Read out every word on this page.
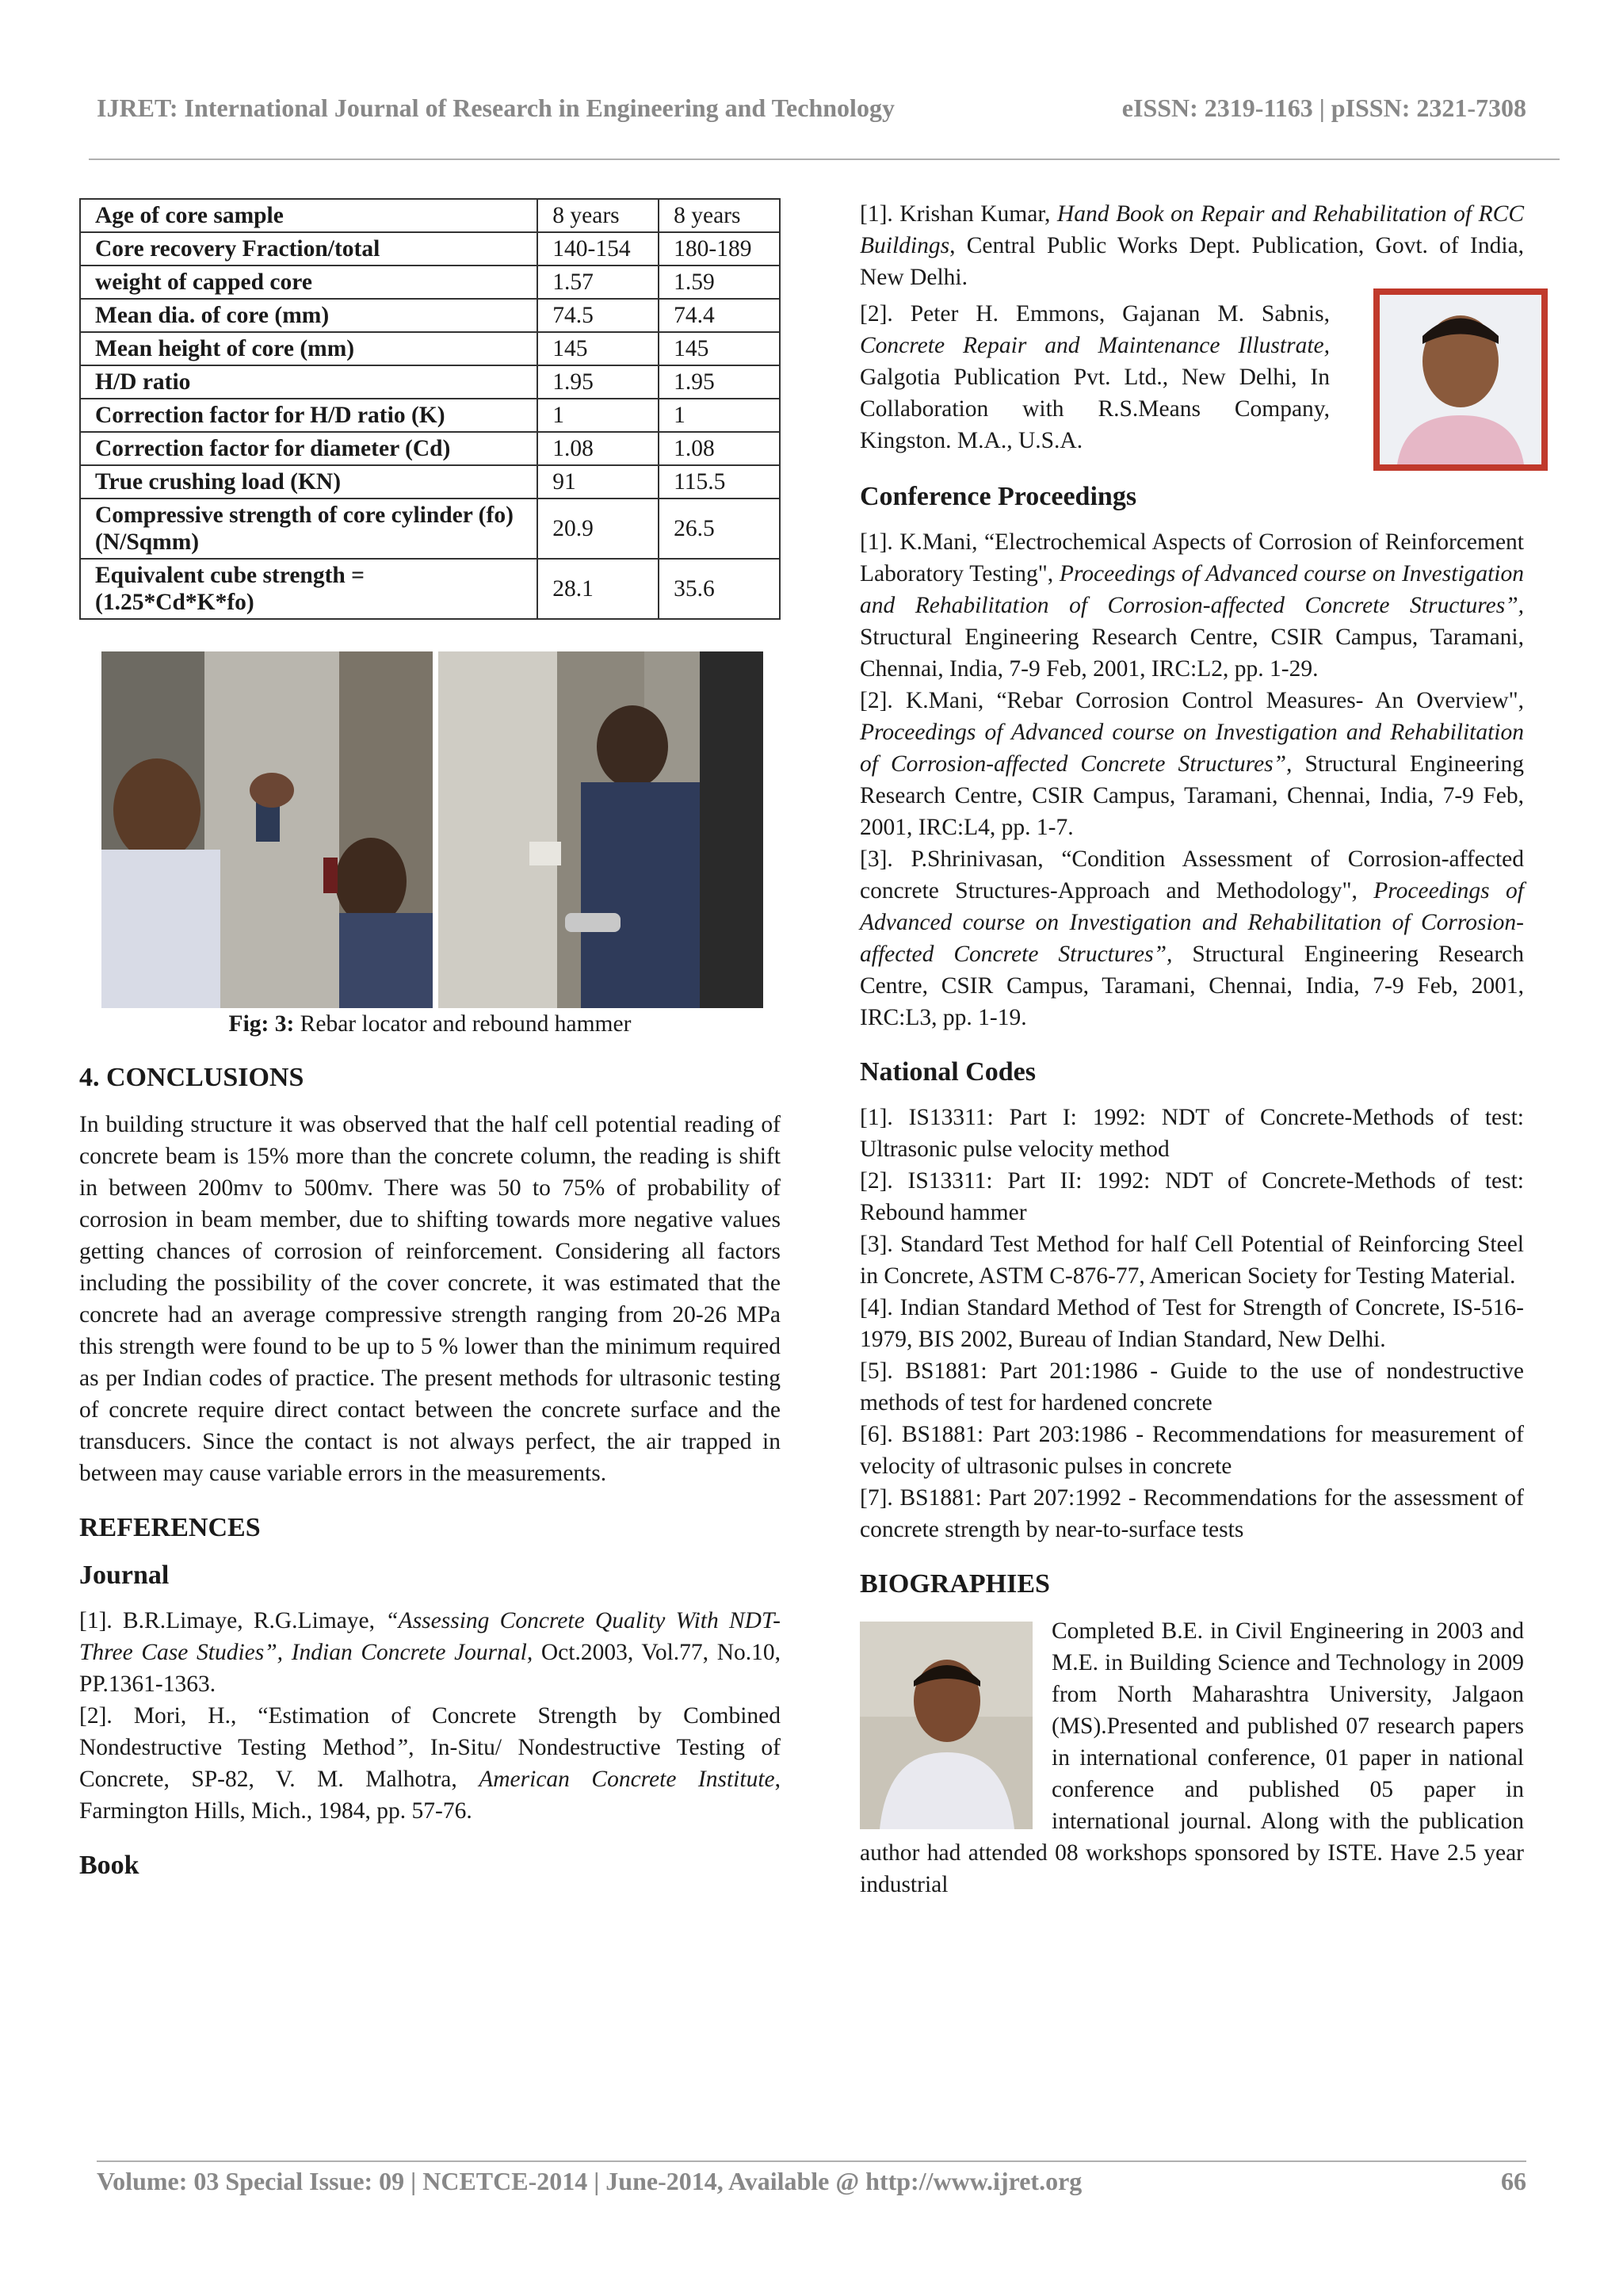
IJRET: International Journal of Research in Engineering and Technology	eISSN: 2319-1163 | pISSN: 2321-7308
Age of core sample	8 years	8 years
Core recovery Fraction/total	140-154	180-189
weight of capped core	1.57	1.59
Mean dia. of core (mm)	74.5	74.4
Mean height of core (mm)	145	145
H/D ratio	1.95	1.95
Correction factor for H/D ratio (K)	1	1
Correction factor for diameter (Cd)	1.08	1.08
True crushing load (KN)	91	115.5
Compressive strength of core cylinder (fo) (N/Sqmm)	20.9	26.5
Equivalent cube strength = (1.25*Cd*K*fo)	28.1	35.6
Fig: 3: Rebar locator and rebound hammer
4. CONCLUSIONS

In building structure it was observed that the half cell potential reading of concrete beam is 15% more than the concrete column, the reading is shift in between 200mv to 500mv. There was 50 to 75% of probability of corrosion in beam member, due to shifting towards more negative values getting chances of corrosion of reinforcement. Considering all factors including the possibility of the cover concrete, it was estimated that the concrete had an average compressive strength ranging from 20-26 MPa this strength were found to be up to 5 % lower than the minimum required as per Indian codes of practice. The present methods for ultrasonic testing of concrete require direct contact between the concrete surface and the transducers. Since the contact is not always perfect, the air trapped in between may cause variable errors in the measurements.

REFERENCES
Journal

[1]. B.R.Limaye, R.G.Limaye, “Assessing Concrete Quality With NDT-Three Case Studies”, Indian Concrete Journal, Oct.2003, Vol.77, No.10, PP.1361-1363.

[2]. Mori, H., “Estimation of Concrete Strength by Combined Nondestructive Testing Method”, In-Situ/ Nondestructive Testing of Concrete, SP-82, V. M. Malhotra, American Concrete Institute, Farmington Hills, Mich., 1984, pp. 57-76.

Book

[1]. Krishan Kumar, Hand Book on Repair and Rehabilitation of RCC Buildings, Central Public Works Dept. Publication, Govt. of India, New Delhi.

[2]. Peter H. Emmons, Gajanan M. Sabnis, Concrete Repair and Maintenance Illustrate, Galgotia Publication Pvt. Ltd., New Delhi, In Collaboration with R.S.Means Company, Kingston. M.A., U.S.A.

Conference Proceedings

[1]. K.Mani, “Electrochemical Aspects of Corrosion of Reinforcement Laboratory Testing", Proceedings of Advanced course on Investigation and Rehabilitation of Corrosion-affected Concrete Structures”, Structural Engineering Research Centre, CSIR Campus, Taramani, Chennai, India, 7-9 Feb, 2001, IRC:L2, pp. 1-29.

[2]. K.Mani, “Rebar Corrosion Control Measures- An Overview", Proceedings of Advanced course on Investigation and Rehabilitation of Corrosion-affected Concrete Structures”, Structural Engineering Research Centre, CSIR Campus, Taramani, Chennai, India, 7-9 Feb, 2001, IRC:L4, pp. 1-7.

[3]. P.Shrinivasan, “Condition Assessment of Corrosion-affected concrete Structures-Approach and Methodology", Proceedings of Advanced course on Investigation and Rehabilitation of Corrosion-affected Concrete Structures”, Structural Engineering Research Centre, CSIR Campus, Taramani, Chennai, India, 7-9 Feb, 2001, IRC:L3, pp. 1-19.

National Codes

[1]. IS13311: Part I: 1992: NDT of Concrete-Methods of test: Ultrasonic pulse velocity method

[2]. IS13311: Part II: 1992: NDT of Concrete-Methods of test: Rebound hammer

[3]. Standard Test Method for half Cell Potential of Reinforcing Steel in Concrete, ASTM C-876-77, American Society for Testing Material.

[4]. Indian Standard Method of Test for Strength of Concrete, IS-516-1979, BIS 2002, Bureau of Indian Standard, New Delhi.

[5]. BS1881: Part 201:1986 - Guide to the use of nondestructive methods of test for hardened concrete

[6]. BS1881: Part 203:1986 - Recommendations for measurement of velocity of ultrasonic pulses in concrete

[7]. BS1881: Part 207:1992 - Recommendations for the assessment of concrete strength by near-to-surface tests

BIOGRAPHIES

Completed B.E. in Civil Engineering in 2003 and M.E. in Building Science and Technology in 2009 from North Maharashtra University, Jalgaon (MS).Presented and published 07 research papers in international conference, 01 paper in national conference and published 05 paper in international journal. Along with the publication author had attended 08 workshops sponsored by ISTE. Have 2.5 year industrial

Volume: 03 Special Issue: 09 | NCETCE-2014 | June-2014, Available @ http://www.ijret.org	66
